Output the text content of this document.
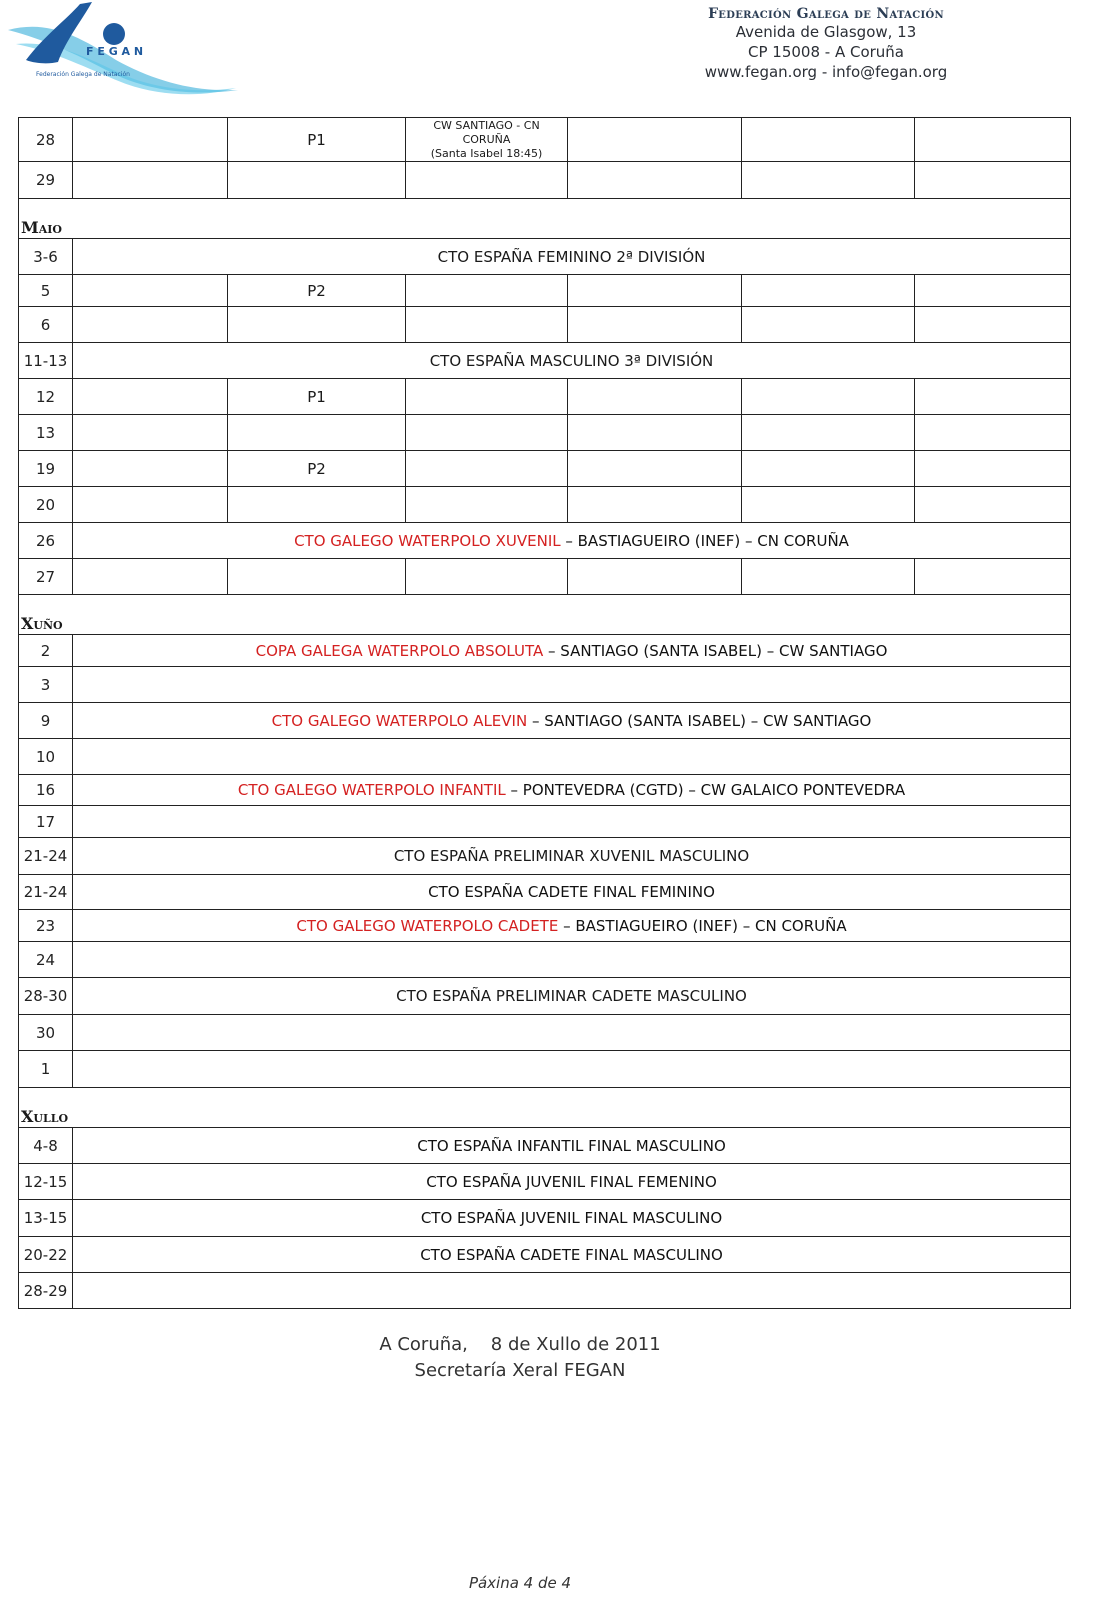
F E G A N
Federación Galega de Natación
Federación Galega de Natación
Avenida de Glasgow, 13
CP 15008 - A Coruña
www.fegan.org - info@fegan.org
28		P1	CW SANTIAGO - CN
CORUÑA
(Santa Isabel 18:45)			

29						
Maio						
3-6	CTO ESPAÑA FEMININO 2ª DIVISIÓN					
5		P2				
6						
11-13	CTO ESPAÑA MASCULINO 3ª DIVISIÓN					
12		P1				
13						
19		P2				
20						
26	CTO GALEGO WATERPOLO XUVENIL – BASTIAGUEIRO (INEF) – CN CORUÑA					
27						
Xuño						
2	COPA GALEGA WATERPOLO ABSOLUTA – SANTIAGO (SANTA ISABEL) – CW SANTIAGO					
3						
9	CTO GALEGO WATERPOLO ALEVIN – SANTIAGO (SANTA ISABEL) – CW SANTIAGO					
10						
16	CTO GALEGO WATERPOLO INFANTIL – PONTEVEDRA (CGTD) – CW GALAICO PONTEVEDRA					
17						
21-24	CTO ESPAÑA PRELIMINAR XUVENIL MASCULINO					
21-24	CTO ESPAÑA CADETE FINAL FEMININO					
23	CTO GALEGO WATERPOLO CADETE – BASTIAGUEIRO (INEF) – CN CORUÑA					
24						
28-30	CTO ESPAÑA PRELIMINAR CADETE MASCULINO					
30						
1						
Xullo						
4-8	CTO ESPAÑA INFANTIL FINAL MASCULINO					
12-15	CTO ESPAÑA JUVENIL FINAL FEMENINO					
13-15	CTO ESPAÑA JUVENIL FINAL MASCULINO					
20-22	CTO ESPAÑA CADETE FINAL MASCULINO					
28-29						
A Coruña,    8 de Xullo de 2011
Secretaría Xeral FEGAN
Páxina 4 de 4
